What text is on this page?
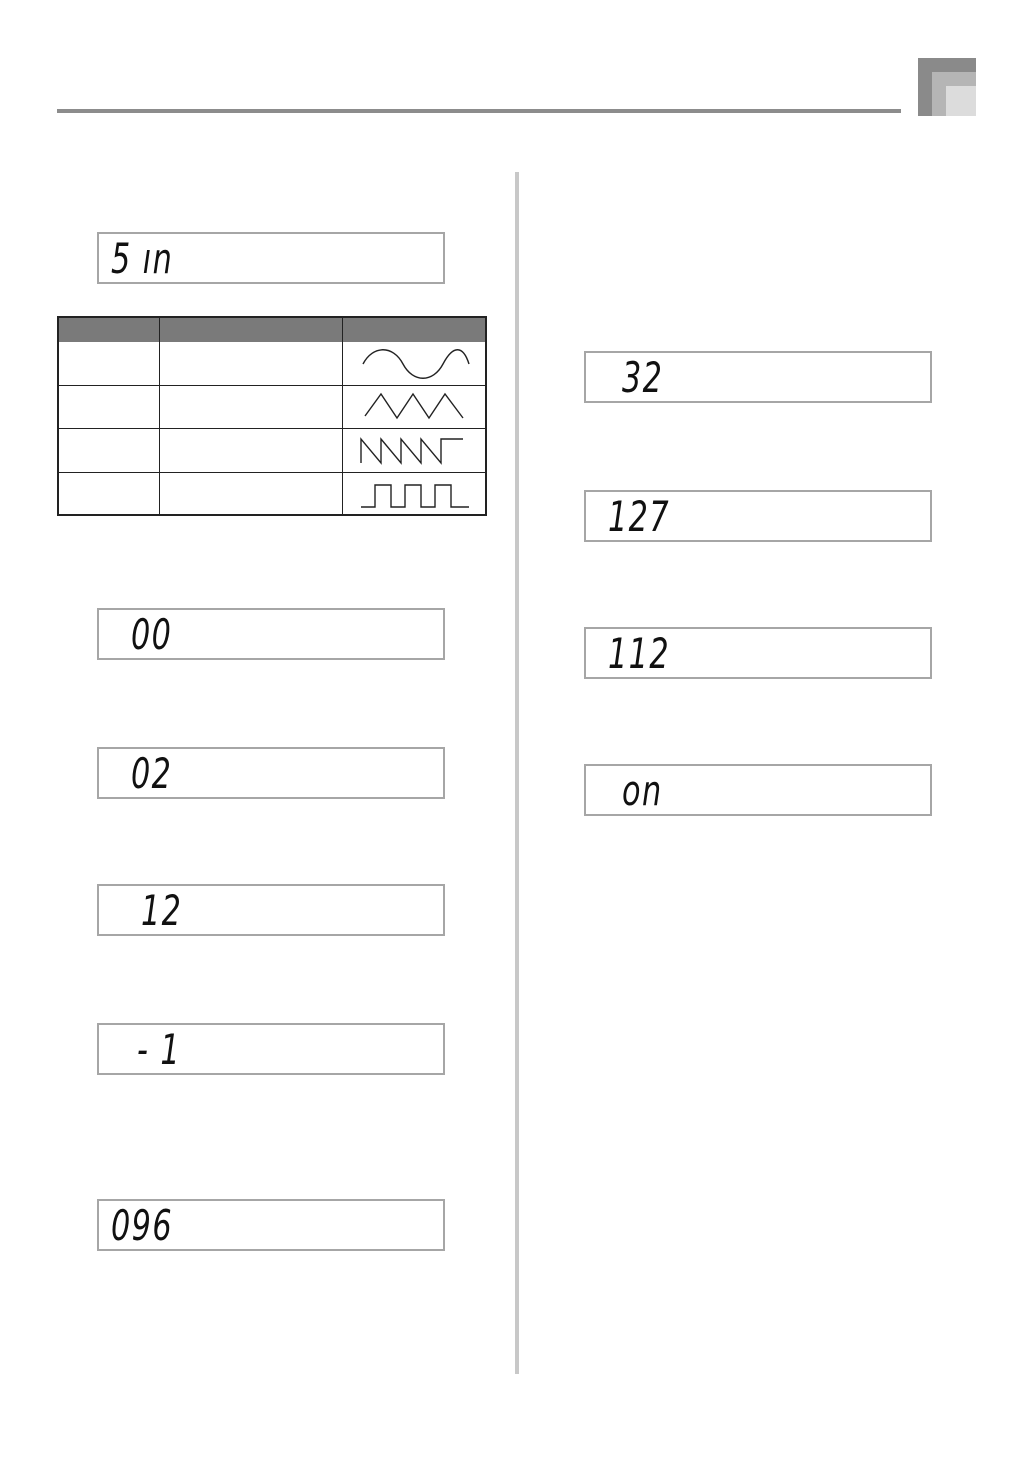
5 ın
00
02
12
- 1
096
32
127
112
on
